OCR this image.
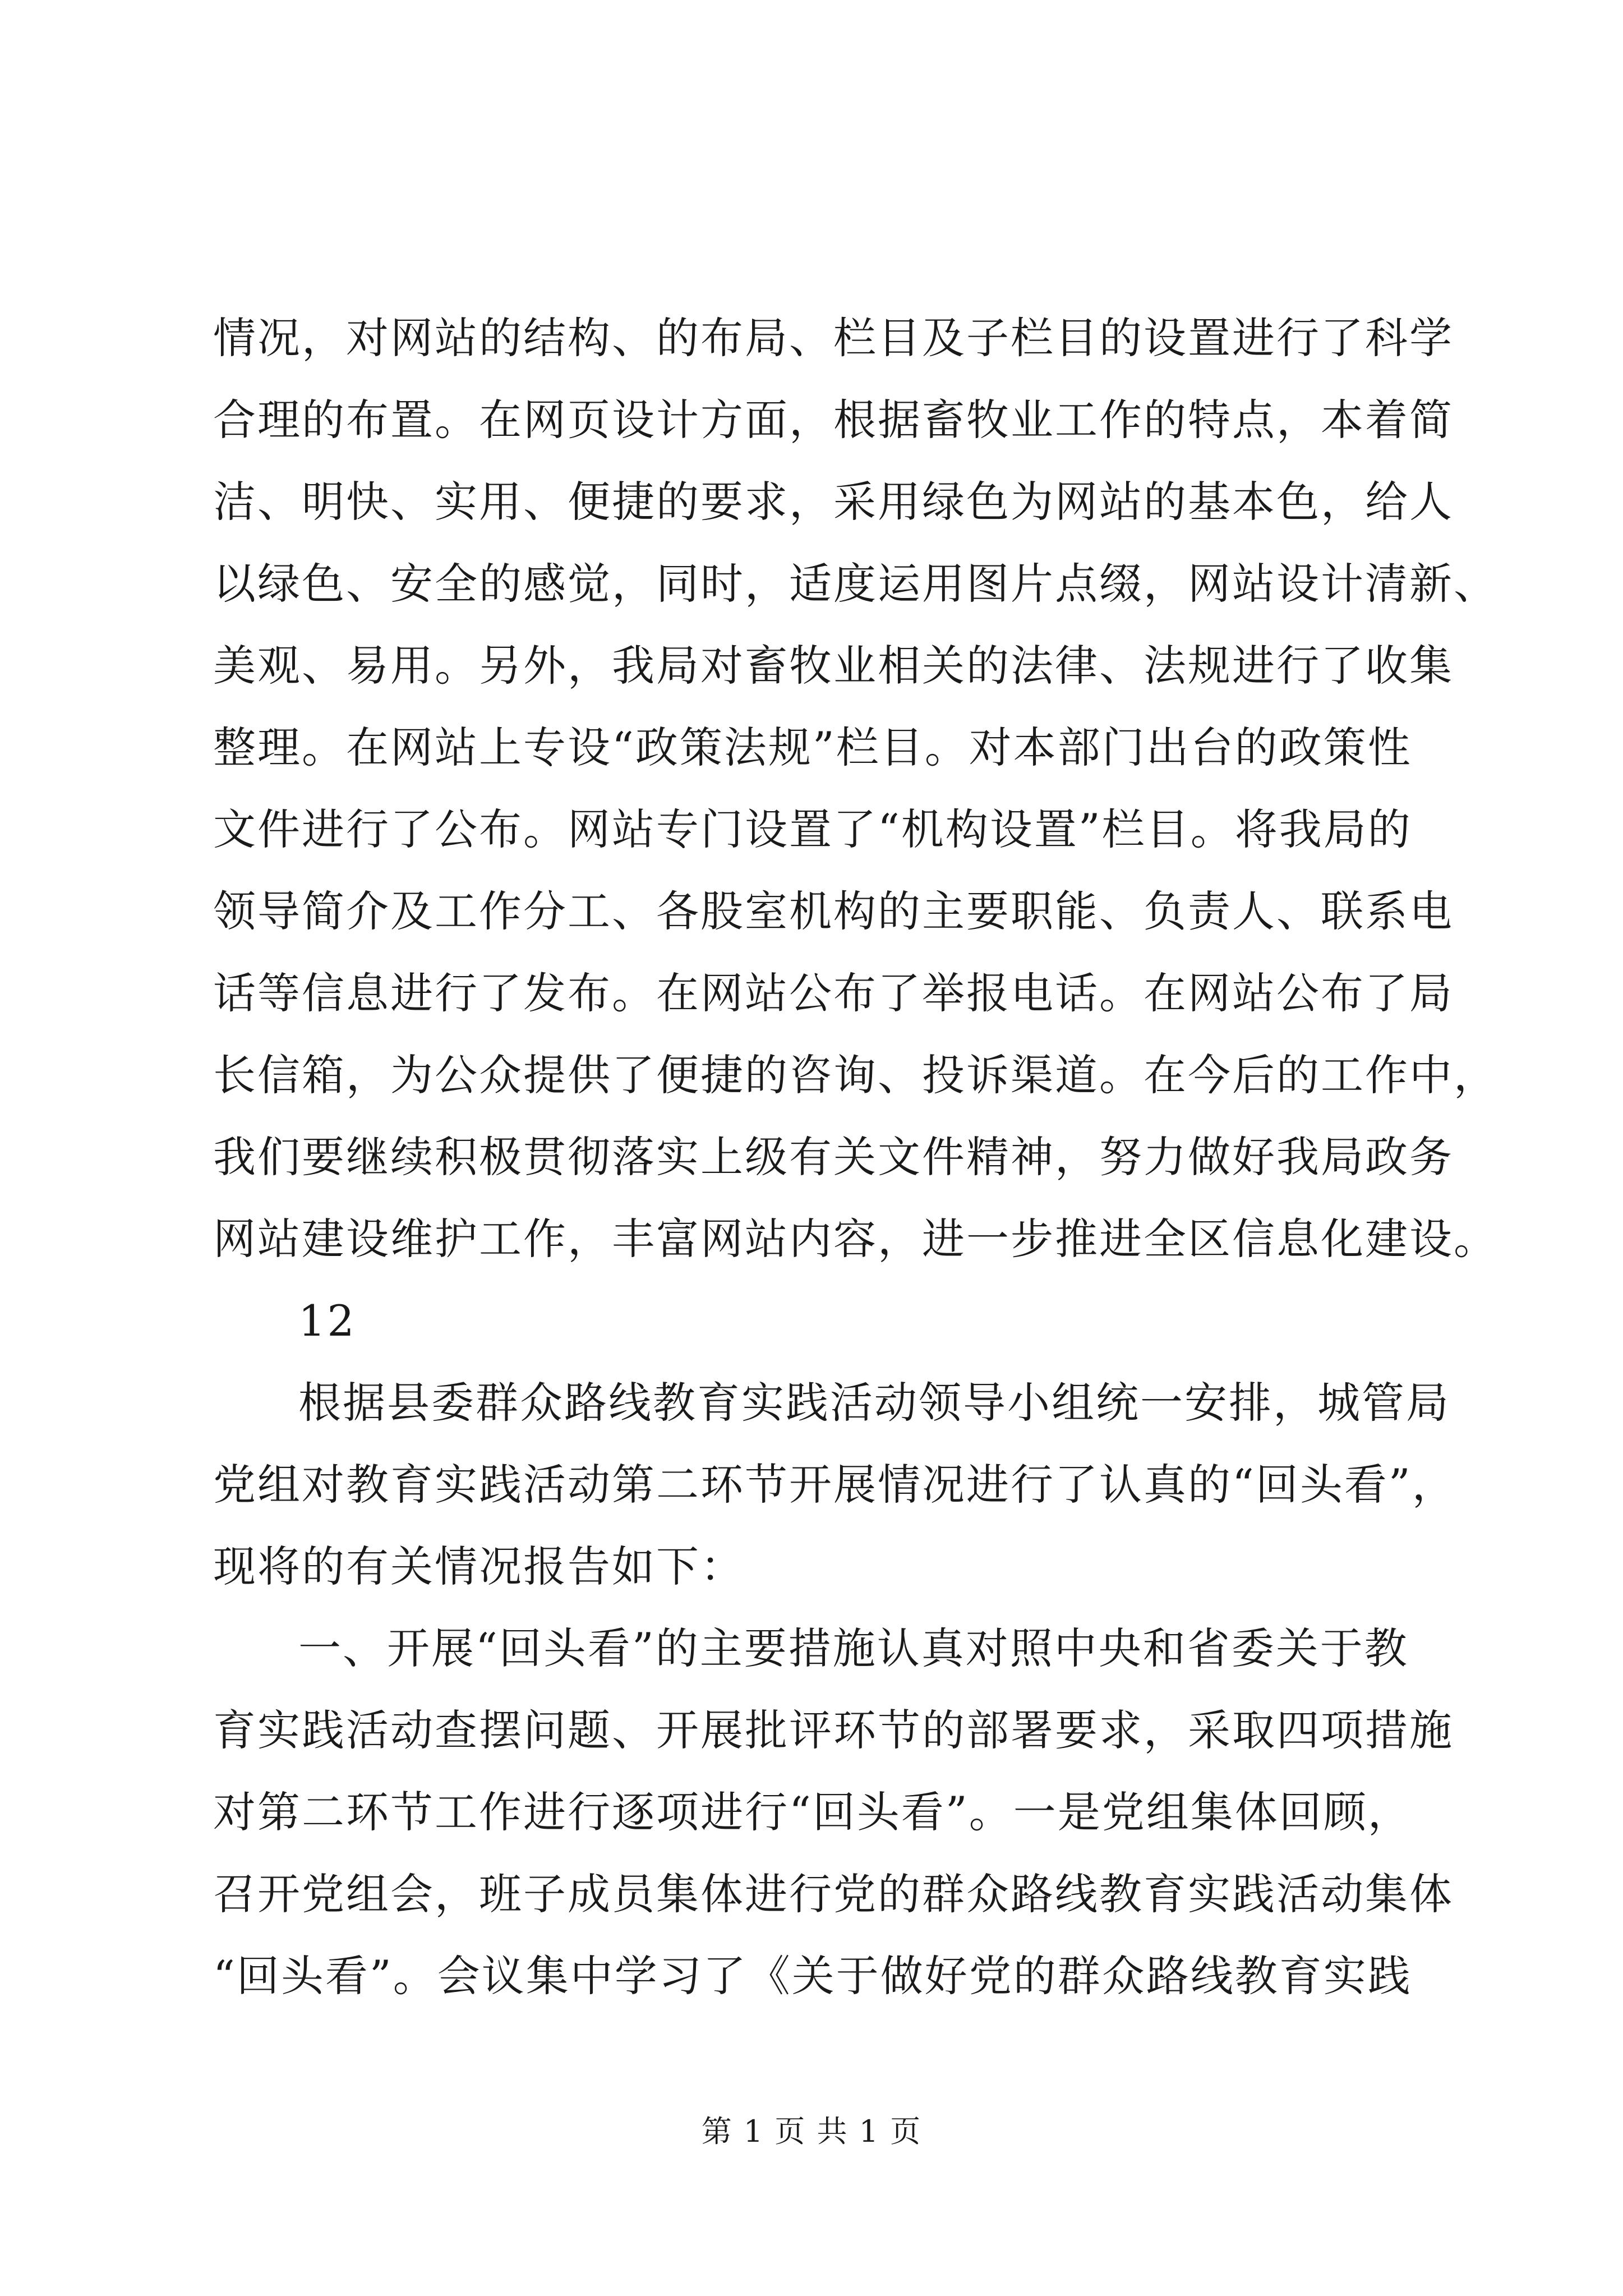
情况，对网站的结构、的布局、栏目及子栏目的设置进行了科学
合理的布置。在网页设计方面，根据畜牧业工作的特点，本着简
洁、明快、实用、便捷的要求，采用绿色为网站的基本色，给人
以绿色、安全的感觉，同时，适度运用图片点缀，网站设计清新、
美观、易用。另外，我局对畜牧业相关的法律、法规进行了收集
整理。在网站上专设“政策法规”栏目。对本部门出台的政策性
文件进行了公布。网站专门设置了“机构设置”栏目。将我局的
领导简介及工作分工、各股室机构的主要职能、负责人、联系电
话等信息进行了发布。在网站公布了举报电话。在网站公布了局
长信箱，为公众提供了便捷的咨询、投诉渠道。在今后的工作中，
我们要继续积极贯彻落实上级有关文件精神，努力做好我局政务
网站建设维护工作，丰富网站内容，进一步推进全区信息化建设。
12
根据县委群众路线教育实践活动领导小组统一安排，城管局
党组对教育实践活动第二环节开展情况进行了认真的“回头看”，
现将的有关情况报告如下：
一、开展“回头看”的主要措施认真对照中央和省委关于教
育实践活动查摆问题、开展批评环节的部署要求，采取四项措施
对第二环节工作进行逐项进行“回头看”。一是党组集体回顾，
召开党组会，班子成员集体进行党的群众路线教育实践活动集体
“回头看”。会议集中学习了《关于做好党的群众路线教育实践
第 1 页 共 1 页
